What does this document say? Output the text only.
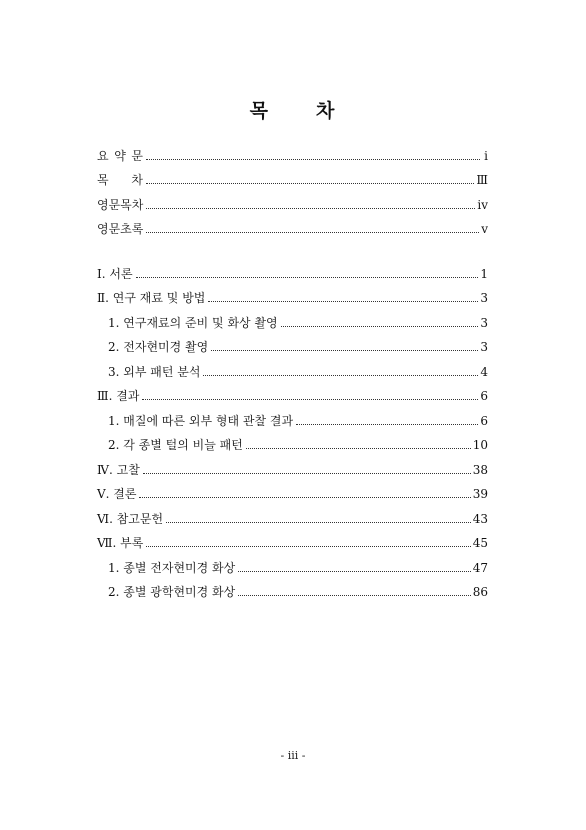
목 차
요 약 문	i
목 차	Ⅲ
영문목차	ⅳ
영문초록	v
Ⅰ. 서론	1
Ⅱ. 연구 재료 및 방법	3
1. 연구재료의 준비 및 화상 촬영	3
2. 전자현미경 촬영	3
3. 외부 패턴 분석	4
Ⅲ. 결과	6
1. 매질에 따른 외부 형태 관찰 결과	6
2. 각 종별 털의 비늘 패턴	10
Ⅳ. 고찰	38
Ⅴ. 결론	39
Ⅵ. 참고문헌	43
Ⅶ. 부록	45
1. 종별 전자현미경 화상	47
2. 종별 광학현미경 화상	86
- iii -
